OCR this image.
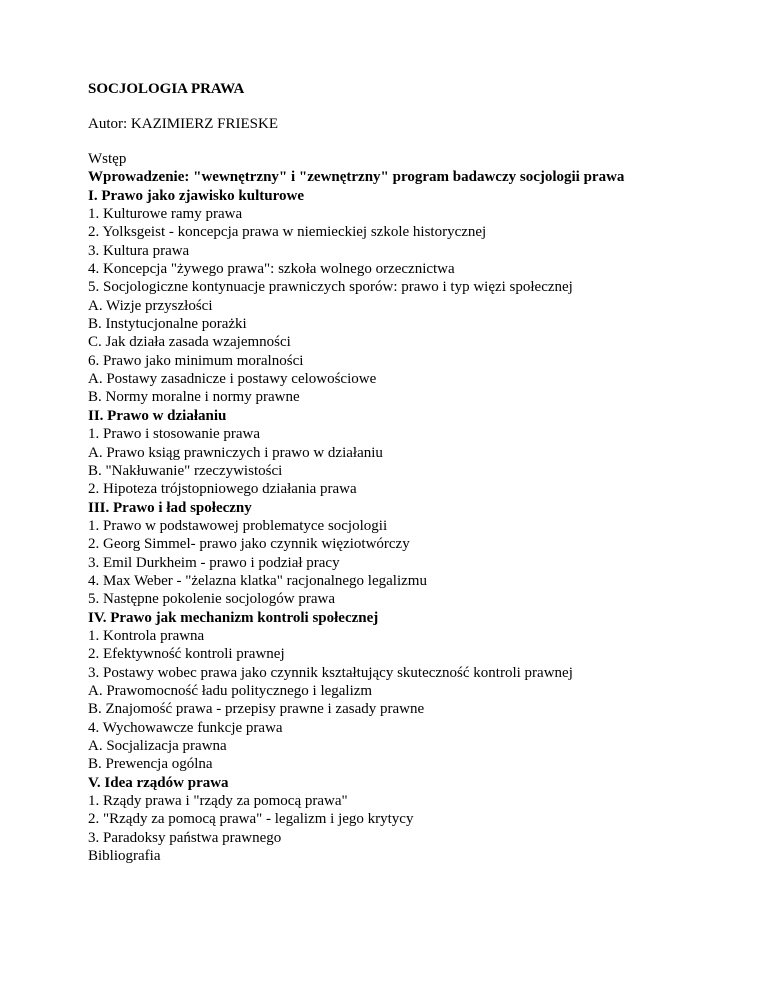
SOCJOLOGIA PRAWA

Autor: KAZIMIERZ FRIESKE

Wstęp
Wprowadzenie: "wewnętrzny" i "zewnętrzny" program badawczy socjologii prawa
I. Prawo jako zjawisko kulturowe
1. Kulturowe ramy prawa
2. Yolksgeist - koncepcja prawa w niemieckiej szkole historycznej
3. Kultura prawa
4. Koncepcja "żywego prawa": szkoła wolnego orzecznictwa
5. Socjologiczne kontynuacje prawniczych sporów: prawo i typ więzi społecznej
A. Wizje przyszłości
B. Instytucjonalne porażki
C. Jak działa zasada wzajemności
6. Prawo jako minimum moralności
A. Postawy zasadnicze i postawy celowościowe
B. Normy moralne i normy prawne
II. Prawo w działaniu
1. Prawo i stosowanie prawa
A. Prawo ksiąg prawniczych i prawo w działaniu
B. "Nakłuwanie" rzeczywistości
2. Hipoteza trójstopniowego działania prawa
III. Prawo i ład społeczny
1. Prawo w podstawowej problematyce socjologii
2. Georg Simmel- prawo jako czynnik więziotwórczy
3. Emil Durkheim - prawo i podział pracy
4. Max Weber - "żelazna klatka" racjonalnego legalizmu
5. Następne pokolenie socjologów prawa
IV. Prawo jak mechanizm kontroli społecznej
1. Kontrola prawna
2. Efektywność kontroli prawnej
3. Postawy wobec prawa jako czynnik kształtujący skuteczność kontroli prawnej
A. Prawomocność ładu politycznego i legalizm
B. Znajomość prawa - przepisy prawne i zasady prawne
4. Wychowawcze funkcje prawa
A. Socjalizacja prawna
B. Prewencja ogólna
V. Idea rządów prawa
1. Rządy prawa i "rządy za pomocą prawa"
2. "Rządy za pomocą prawa" - legalizm i jego krytycy
3. Paradoksy państwa prawnego
Bibliografia
